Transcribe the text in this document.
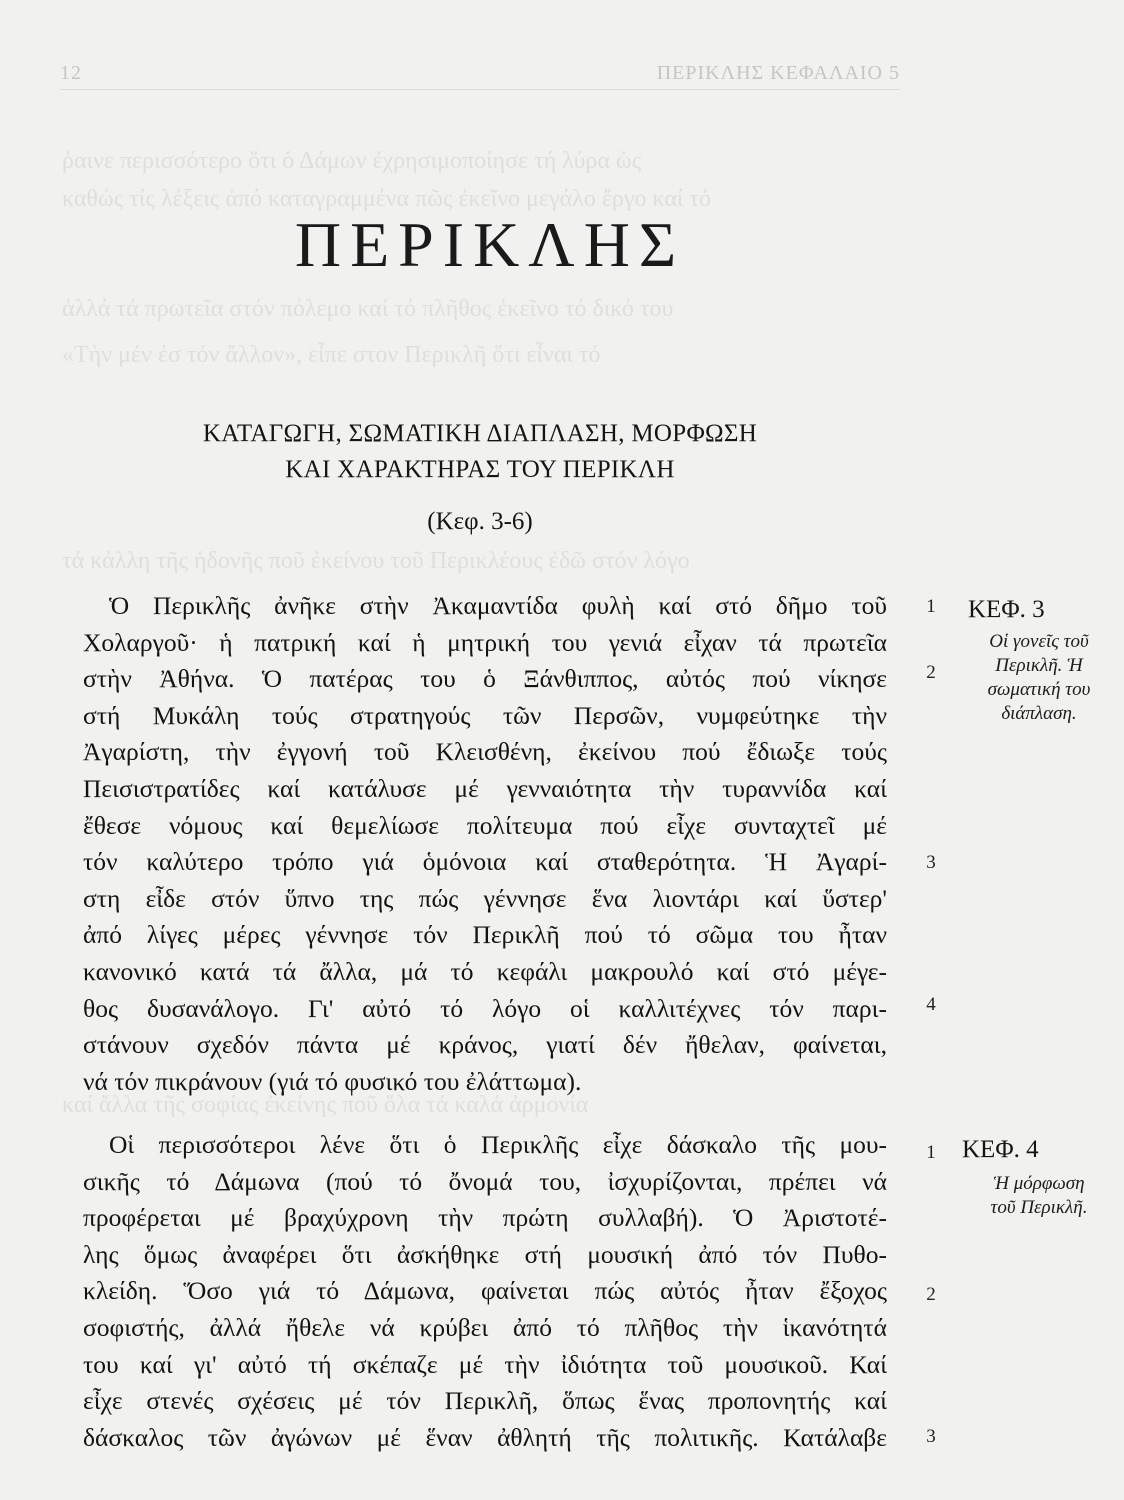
12	ΠΕΡΙΚΛΗΣ ΚΕΦΑΛΑΙΟ 5
ῥαινε περισσότερο ὅτι ὁ Δάμων ἐχρησιμοποίησε τή λύρα ὡς
καθώς τίς λέξεις ἀπό καταγραμμένα πῶς ἐκεῖνο μεγάλο ἔργο καί τό
ἀλλά τά πρωτεῖα στόν πόλεμο καί τό πλῆθος ἐκεῖνο τό δικό του
«Τὴν μέν ἐσ τόν ἄλλον», εἶπε στον Περικλῆ ὅτι εἶναι τό
τά κάλλη τῆς ἡδονῆς ποῦ ἐκείνου τοῦ Περικλέους ἐδῶ στόν λόγο
καί ἄλλα τῆς σοφίας ἐκείνης ποῦ ὅλα τά καλά ἀρμονία
ΠΕΡΙΚΛΗΣ
ΚΑΤΑΓΩΓΗ, ΣΩΜΑΤΙΚΗ ΔΙΑΠΛΑΣΗ, ΜΟΡΦΩΣΗ
ΚΑΙ ΧΑΡΑΚΤΗΡΑΣ ΤΟΥ ΠΕΡΙΚΛΗ
(Κεφ. 3-6)
Ὁ Περικλῆς ἀνῆκε στὴν Ἀκαμαντίδα φυλὴ καί στό δῆμο τοῦ
Χολαργοῦ· ἡ πατρική καί ἡ μητρική του γενιά εἶχαν τά πρωτεῖα
στὴν Ἀθήνα. Ὁ πατέρας του ὁ Ξάνθιππος, αὐτός πού νίκησε
στή Μυκάλη τούς στρατηγούς τῶν Περσῶν, νυμφεύτηκε τὴν
Ἀγαρίστη, τὴν ἐγγονή τοῦ Κλεισθένη, ἐκείνου πού ἔδιωξε τούς
Πεισιστρατίδες καί κατάλυσε μέ γενναιότητα τὴν τυραννίδα καί
ἔθεσε νόμους καί θεμελίωσε πολίτευμα πού εἶχε συνταχτεῖ μέ
τόν καλύτερο τρόπο γιά ὁμόνοια καί σταθερότητα. Ἡ Ἀγαρί-
στη εἶδε στόν ὕπνο της πώς γέννησε ἕνα λιοντάρι καί ὕστερ'
ἀπό λίγες μέρες γέννησε τόν Περικλῆ πού τό σῶμα του ἦταν
κανονικό κατά τά ἄλλα, μά τό κεφάλι μακρουλό καί στό μέγε-
θος δυσανάλογο. Γι' αὐτό τό λόγο οἱ καλλιτέχνες τόν παρι-
στάνουν σχεδόν πάντα μέ κράνος, γιατί δέν ἤθελαν, φαίνεται,
νά τόν πικράνουν (γιά τό φυσικό του ἐλάττωμα).
Οἱ περισσότεροι λένε ὅτι ὁ Περικλῆς εἶχε δάσκαλο τῆς μου-
σικῆς τό Δάμωνα (πού τό ὄνομά του, ἰσχυρίζονται, πρέπει νά
προφέρεται μέ βραχύχρονη τὴν πρώτη συλλαβή). Ὁ Ἀριστοτέ-
λης ὅμως ἀναφέρει ὅτι ἀσκήθηκε στή μουσική ἀπό τόν Πυθο-
κλείδη. Ὅσο γιά τό Δάμωνα, φαίνεται πώς αὐτός ἦταν ἔξοχος
σοφιστής, ἀλλά ἤθελε νά κρύβει ἀπό τό πλῆθος τὴν ἱκανότητά
του καί γι' αὐτό τή σκέπαζε μέ τὴν ἰδιότητα τοῦ μουσικοῦ. Καί
εἶχε στενές σχέσεις μέ τόν Περικλῆ, ὅπως ἕνας προπονητής καί
δάσκαλος τῶν ἀγώνων μέ ἕναν ἀθλητή τῆς πολιτικῆς. Κατάλαβε
1
2
3
4
1
2
3
ΚΕΦ. 3
Οἱ γονεῖς τοῦ
Περικλῆ. Ἡ
σωματική του
διάπλαση.
ΚΕΦ. 4
Ἡ μόρφωση
τοῦ Περικλῆ.
